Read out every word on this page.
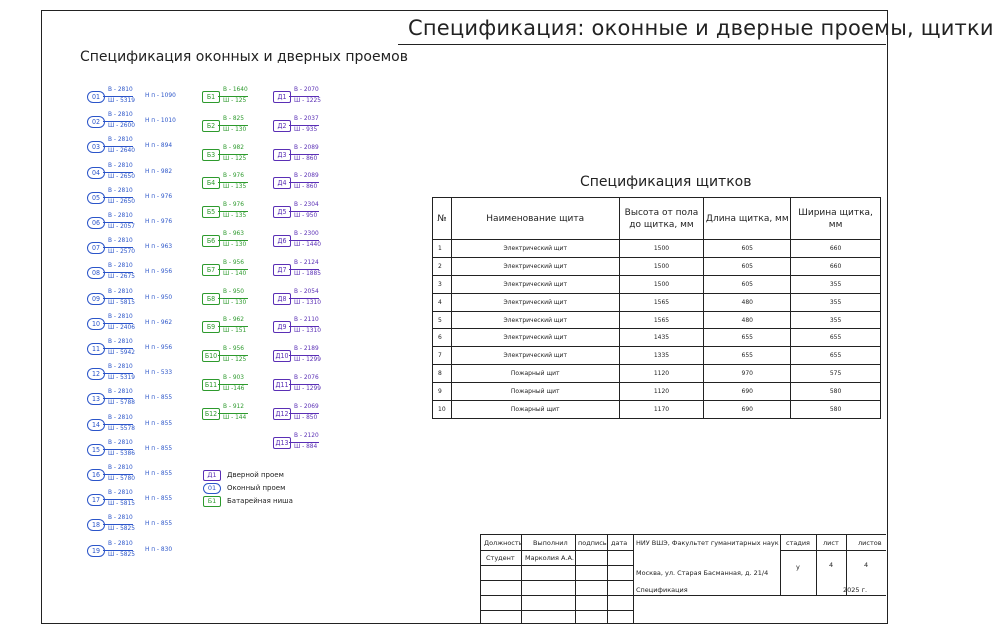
Спецификация: оконные и дверные проемы, щитки
Спецификация оконных и дверных проемов
01
В - 2810
Ш - 5319
Н п - 1090
02
В - 2810
Ш - 2600
Н п - 1010
03
В - 2810
Ш - 2640
Н п - 894
04
В - 2810
Ш - 2650
Н п - 982
05
В - 2810
Ш - 2650
Н п - 976
06
В - 2810
Ш - 2057
Н п - 976
07
В - 2810
Ш - 2570
Н п - 963
08
В - 2810
Ш - 2675
Н п - 956
09
В - 2810
Ш - 5815
Н п - 950
10
В - 2810
Ш - 2406
Н п - 962
11
В - 2810
Ш - 5942
Н п - 956
12
В - 2810
Ш - 5319
Н п - 533
13
В - 2810
Ш - 5788
Н п - 855
14
В - 2810
Ш - 5578
Н п - 855
15
В - 2810
Ш - 5386
Н п - 855
16
В - 2810
Ш - 5780
Н п - 855
17
В - 2810
Ш - 5815
Н п - 855
18
В - 2810
Ш - 5825
Н п - 855
19
В - 2810
Ш - 5825
Н п - 830
Б1
В - 1640
Ш - 125
Б2
В - 825
Ш - 130
Б3
В - 982
Ш - 125
Б4
В - 976
Ш - 135
Б5
В - 976
Ш - 135
Б6
В - 963
Ш - 130
Б7
В - 956
Ш - 140
Б8
В - 950
Ш - 130
Б9
В - 962
Ш - 151
Б10
В - 956
Ш - 125
Б11
В - 903
Ш -146
Б12
В - 912
Ш - 144
Д1
В - 2070
Ш - 1225
Д2
В - 2037
Ш - 935
Д3
В - 2089
Ш - 860
Д4
В - 2089
Ш - 860
Д5
В - 2304
Ш - 950
Д6
В - 2300
Ш - 1440
Д7
В - 2124
Ш - 1885
Д8
В - 2054
Ш - 1310
Д9
В - 2110
Ш - 1310
Д10
В - 2189
Ш - 1299
Д11
В - 2076
Ш - 1299
Д12
В - 2069
Ш - 850
Д13
В - 2120
Ш - 884
Д1 Дверной проем
01 Оконный проем
Б1 Батарейная ниша
Спецификация щитков
№	Наименование щита	Высота от пола до щитка, мм	Длина щитка, мм	Ширина щитка, мм
1	Электрический щит	1500	605	660
2	Электрический щит	1500	605	660
3	Электрический щит	1500	605	355
4	Электрический щит	1565	480	355
5	Электрический щит	1565	480	355
6	Электрический щит	1435	655	655
7	Электрический щит	1335	655	655
8	Пожарный щит	1120	970	575
9	Пожарный щит	1120	690	580
10	Пожарный щит	1170	690	580
Должность Выполнил подпись дата
Студент Марколия А.А.
НИУ ВШЭ, Факультет гуманитарных наук
Москва, ул. Старая Басманная, д. 21/4
стадия лист	листов
у	4	4
Спецификация	2025 г.
